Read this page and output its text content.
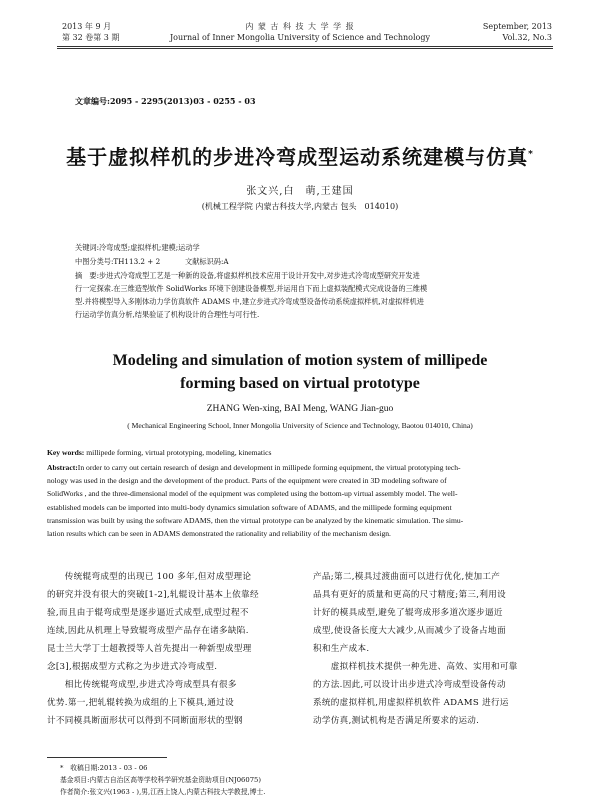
2013 年 9 月
第 32 卷第 3 期
内 蒙 古 科 技 大 学 学 报
Journal of Inner Mongolia University of Science and Technology
September, 2013
Vol.32, No.3
文章编号:2095 - 2295(2013)03 - 0255 - 03
基于虚拟样机的步进冷弯成型运动系统建模与仿真*
张文兴,白　萌,王建国
(机械工程学院 内蒙古科技大学,内蒙古 包头　014010)
关键词:冷弯成型;虚拟样机;建模;运动学
中图分类号:TH113.2 + 2	文献标识码:A
摘　要:步进式冷弯成型工艺是一种新的设备,将虚拟样机技术应用于设计开发中,对步进式冷弯成型研究开发进
行一定探索.在三维造型软件 SolidWorks 环境下创建设备模型,并运用自下而上虚拟装配模式完成设备的三维模
型.并将模型导入多刚体动力学仿真软件 ADAMS 中,建立步进式冷弯成型设备传动系统虚拟样机,对虚拟样机进
行运动学仿真分析,结果验证了机构设计的合理性与可行性.
Modeling and simulation of motion system of millipede
forming based on virtual prototype
ZHANG Wen-xing, BAI Meng, WANG Jian-guo
( Mechanical Engineering School, Inner Mongolia University of Science and Technology, Baotou 014010, China)
Key words: millipede forming, virtual prototyping, modeling, kinematics
Abstract:In order to carry out certain research of design and development in millipede forming equipment, the virtual prototyping tech-
nology was used in the design and the development of the product. Parts of the equipment were created in 3D modeling software of
SolidWorks , and the three-dimensional model of the equipment was completed using the bottom-up virtual assembly model. The well-
established models can be imported into multi-body dynamics simulation software of ADAMS, and the millipede forming equipment
transmission was built by using the software ADAMS, then the virtual prototype can be analyzed by the kinematic simulation. The simu-
lation results which can be seen in ADAMS demonstrated the rationality and reliability of the mechanism design.
　　传统辊弯成型的出现已 100 多年,但对成型理论
的研究并没有很大的突破[1-2],轧辊设计基本上依靠经
验,而且由于辊弯成型是逐步逼近式成型,成型过程不
连续,因此从机理上导致辊弯成型产品存在诸多缺陷.
昆士兰大学丁士超教授等人首先提出一种新型成型理
念[3],根据成型方式称之为步进式冷弯成型.
　　相比传统辊弯成型,步进式冷弯成型具有很多
优势.第一,把轧辊转换为成组的上下模具,通过设
计不同模具断面形状可以得到不同断面形状的型钢
产品;第二,模具过渡曲面可以进行优化,使加工产
品具有更好的质量和更高的尺寸精度;第三,利用设
计好的模具成型,避免了辊弯成形多道次逐步逼近
成型,使设备长度大大减少,从而减少了设备占地面
积和生产成本.
　　虚拟样机技术提供一种先进、高效、实用和可靠
的方法.因此,可以设计出步进式冷弯成型设备传动
系统的虚拟样机,用虚拟样机软件 ADAMS 进行运
动学仿真,测试机构是否满足所要求的运动.
*　收稿日期:2013 - 03 - 06
基金项目:内蒙古自治区高等学校科学研究基金资助项目(NJ06075)
作者简介:张文兴(1963 - ),男,江西上饶人,内蒙古科技大学教授,博士.
